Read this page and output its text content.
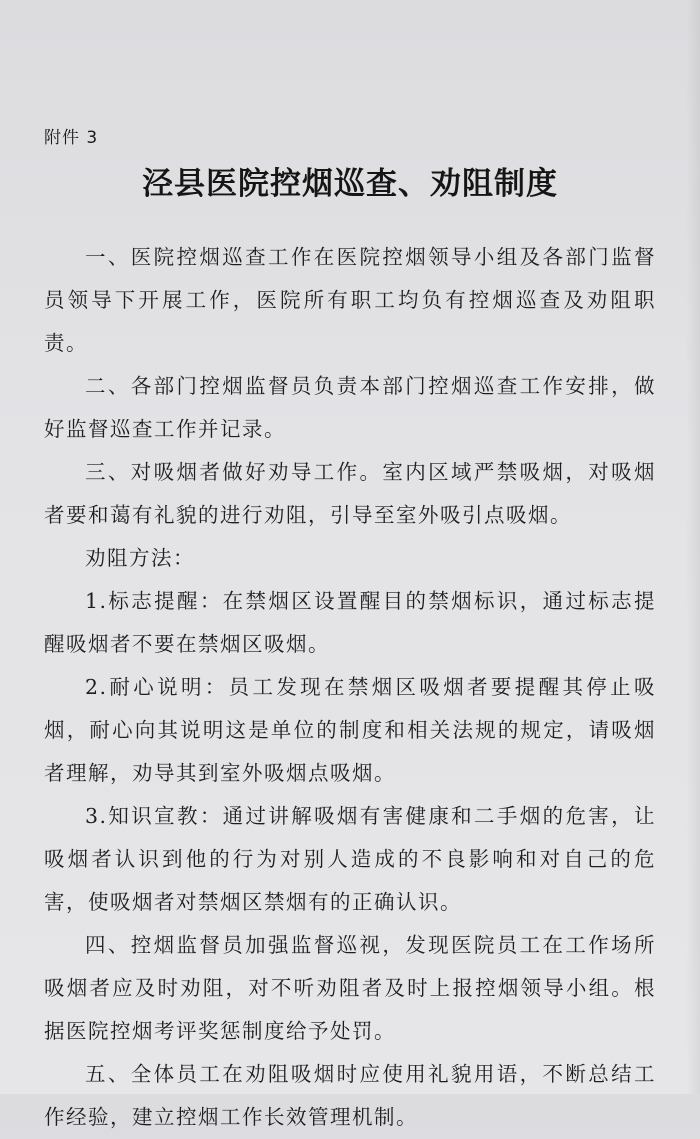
附件 3
泾县医院控烟巡查、劝阻制度

一、医院控烟巡查工作在医院控烟领导小组及各部门监督员领导下开展工作，医院所有职工均负有控烟巡查及劝阻职责。

二、各部门控烟监督员负责本部门控烟巡查工作安排，做好监督巡查工作并记录。

三、对吸烟者做好劝导工作。室内区域严禁吸烟，对吸烟者要和蔼有礼貌的进行劝阻，引导至室外吸引点吸烟。

劝阻方法：

1.标志提醒：在禁烟区设置醒目的禁烟标识，通过标志提醒吸烟者不要在禁烟区吸烟。

2.耐心说明：员工发现在禁烟区吸烟者要提醒其停止吸烟，耐心向其说明这是单位的制度和相关法规的规定，请吸烟者理解，劝导其到室外吸烟点吸烟。

3.知识宣教：通过讲解吸烟有害健康和二手烟的危害，让吸烟者认识到他的行为对别人造成的不良影响和对自己的危害，使吸烟者对禁烟区禁烟有的正确认识。

四、控烟监督员加强监督巡视，发现医院员工在工作场所吸烟者应及时劝阻，对不听劝阻者及时上报控烟领导小组。根据医院控烟考评奖惩制度给予处罚。

五、全体员工在劝阻吸烟时应使用礼貌用语，不断总结工作经验，建立控烟工作长效管理机制。
